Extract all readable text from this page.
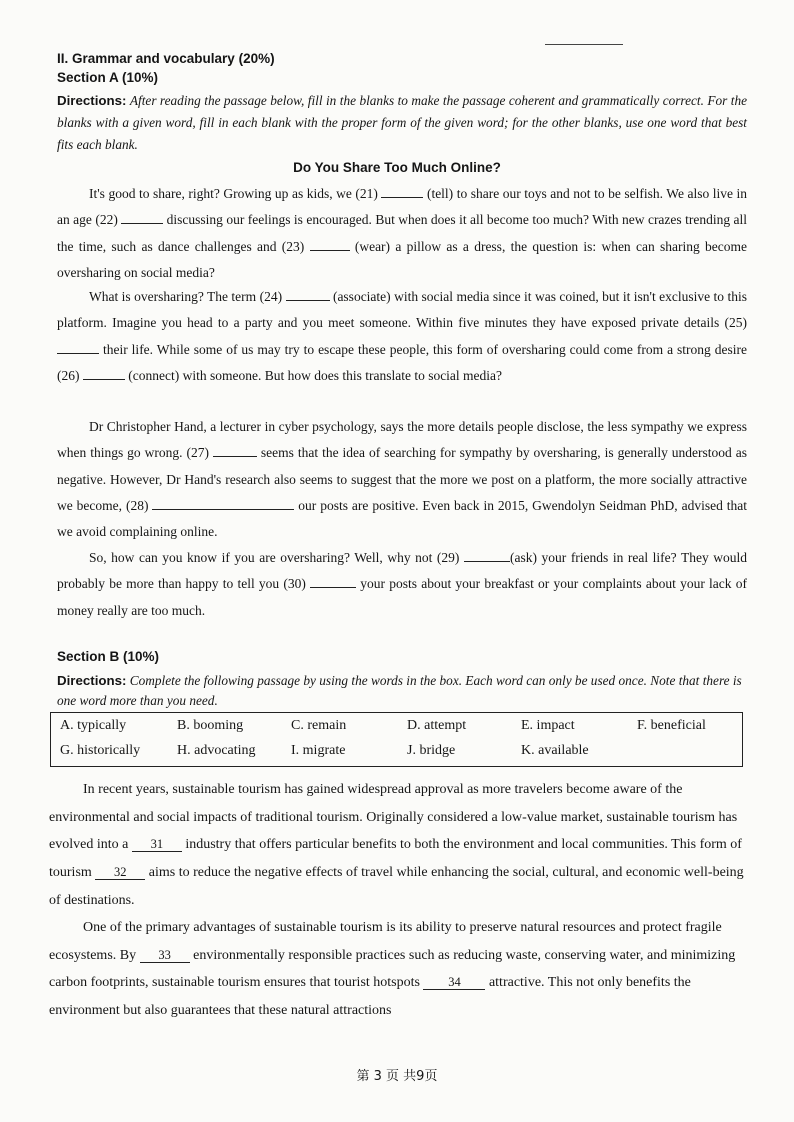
II. Grammar and vocabulary (20%)
Section A (10%)
Directions: After reading the passage below, fill in the blanks to make the passage coherent and grammatically correct. For the blanks with a given word, fill in each blank with the proper form of the given word; for the other blanks, use one word that best fits each blank.
Do You Share Too Much Online?
It's good to share, right? Growing up as kids, we (21)	(tell) to share our toys and not to be selfish. We also live in an age (22)	discussing our feelings is encouraged. But when does it all become too much? With new crazes trending all the time, such as dance challenges and (23)	(wear) a pillow as a dress, the question is: when can sharing become oversharing on social media?
What is oversharing? The term (24)	(associate) with social media since it was coined, but it isn't exclusive to this platform. Imagine you head to a party and you meet someone. Within five minutes they have exposed private details (25)  their life. While some of us may try to escape these people, this form of oversharing could come from a strong desire (26)	(connect) with someone. But how does this translate to social media?
Dr Christopher Hand, a lecturer in cyber psychology, says the more details people disclose, the less sympathy we express when things go wrong. (27)	seems that the idea of searching for sympathy by oversharing, is generally understood as negative. However, Dr Hand's research also seems to suggest that the more we post on a platform, the more socially attractive we become, (28)	our posts are positive. Even back in 2015, Gwendolyn Seidman PhD, advised that we avoid complaining online.
So, how can you know if you are oversharing? Well, why not (29)	(ask) your friends in real life? They would probably be more than happy to tell you (30)	your posts about your breakfast or your complaints about your lack of money really are too much.
Section B (10%)
Directions: Complete the following passage by using the words in the box. Each word can only be used once. Note that there is one word more than you need.
A. typically	B. booming	C. remain	D. attempt	E. impact	F. beneficial
G. historically	H. advocating	I. migrate	J. bridge	K. available
In recent years, sustainable tourism has gained widespread approval as more travelers become aware of the environmental and social impacts of traditional tourism. Originally considered a low-value market, sustainable tourism has evolved into a 31 industry that offers particular benefits to both the environment and local communities. This form of tourism 32 aims to reduce the negative effects of travel while enhancing the social, cultural, and economic well-being of destinations.
One of the primary advantages of sustainable tourism is its ability to preserve natural resources and protect fragile ecosystems. By 33 environmentally responsible practices such as reducing waste, conserving water, and minimizing carbon footprints, sustainable tourism ensures that tourist hotspots 34 attractive. This not only benefits the environment but also guarantees that these natural attractions
第 3 页 共9页
